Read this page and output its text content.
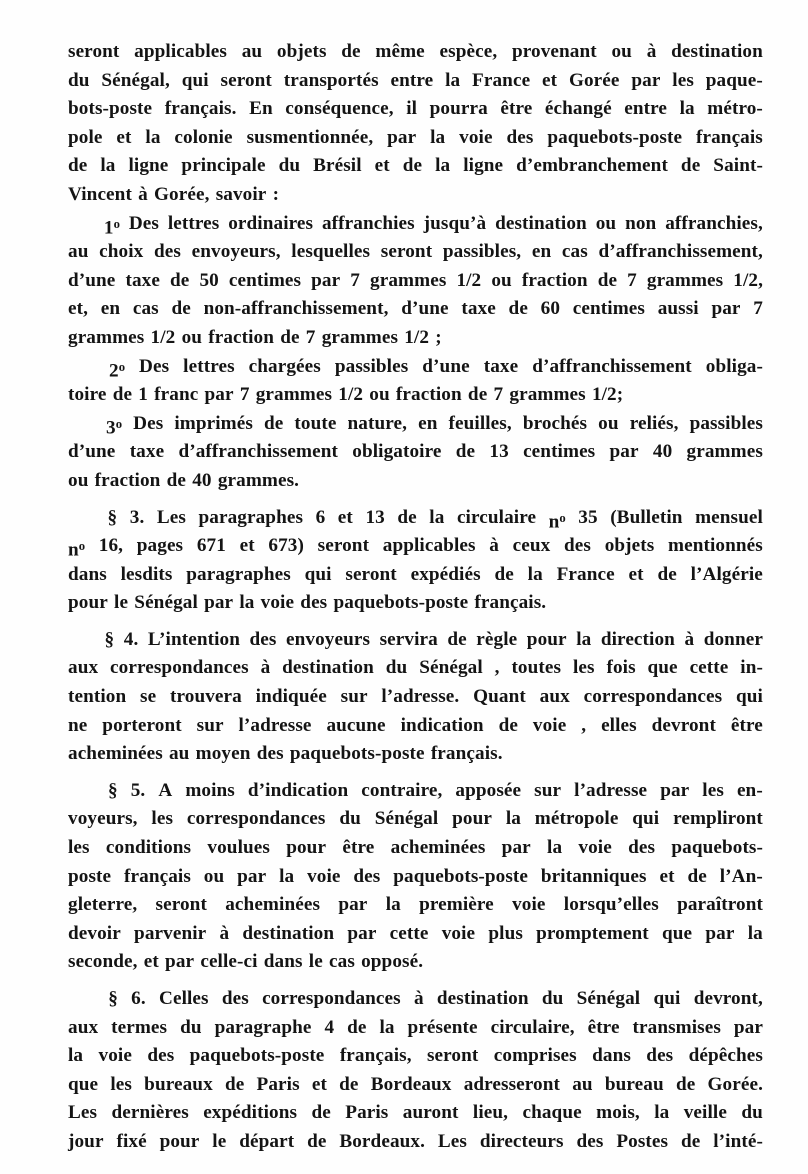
seront applicables au objets de même espèce, provenant ou à destination
du Sénégal, qui seront transportés entre la France et Gorée par les paque-
bots-poste français. En conséquence, il pourra être échangé entre la métro-
pole et la colonie susmentionnée, par la voie des paquebots-poste français
de la ligne principale du Brésil et de la ligne d’embranchement de Saint-
Vincent à Gorée, savoir :
1$^o$ Des lettres ordinaires affranchies jusqu’à destination ou non affranchies,
au choix des envoyeurs, lesquelles seront passibles, en cas d’affranchissement,
d’une taxe de 50 centimes par 7 grammes 1/2 ou fraction de 7 grammes 1/2,
et, en cas de non-affranchissement, d’une taxe de 60 centimes aussi par 7
grammes 1/2 ou fraction de 7 grammes 1/2 ;
2$^o$ Des lettres chargées passibles d’une taxe d’affranchissement obliga-
toire de 1 franc par 7 grammes 1/2 ou fraction de 7 grammes 1/2;
3$^o$ Des imprimés de toute nature, en feuilles, brochés ou reliés, passibles
d’une taxe d’affranchissement obligatoire de 13 centimes par 40 grammes
ou fraction de 40 grammes.
§ 3. Les paragraphes 6 et 13 de la circulaire $n^o$ 35 (Bulletin mensuel
$n^o$ 16, pages 671 et 673) seront applicables à ceux des objets mentionnés
dans lesdits paragraphes qui seront expédiés de la France et de l’Algérie
pour le Sénégal par la voie des paquebots-poste français.
§ 4. L’intention des envoyeurs servira de règle pour la direction à donner
aux correspondances à destination du Sénégal , toutes les fois que cette in-
tention se trouvera indiquée sur l’adresse. Quant aux correspondances qui
ne porteront sur l’adresse aucune indication de voie , elles devront être
acheminées au moyen des paquebots-poste français.
§ 5. A moins d’indication contraire, apposée sur l’adresse par les en-
voyeurs, les correspondances du Sénégal pour la métropole qui rempliront
les conditions voulues pour être acheminées par la voie des paquebots-
poste français ou par la voie des paquebots-poste britanniques et de l’An-
gleterre, seront acheminées par la première voie lorsqu’elles paraîtront
devoir parvenir à destination par cette voie plus promptement que par la
seconde, et par celle-ci dans le cas opposé.
§ 6. Celles des correspondances à destination du Sénégal qui devront,
aux termes du paragraphe 4 de la présente circulaire, être transmises par
la voie des paquebots-poste français, seront comprises dans des dépêches
que les bureaux de Paris et de Bordeaux adresseront au bureau de Gorée.
Les dernières expéditions de Paris auront lieu, chaque mois, la veille du
jour fixé pour le départ de Bordeaux. Les directeurs des Postes de l’inté-
